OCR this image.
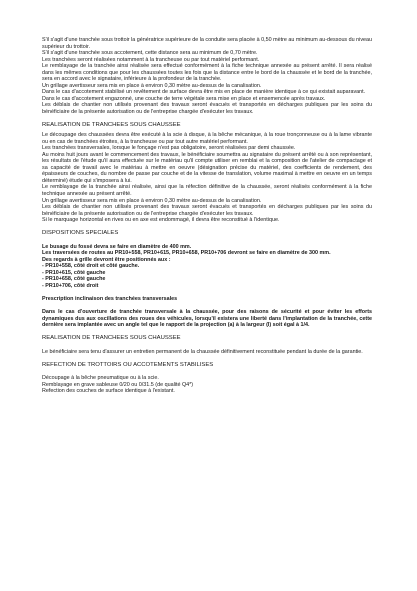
S'il s'agit d'une tranchée sous trottoir la génératrice supérieure de la conduite sera placée à 0,50 mètre au minimum au-dessous du niveau supérieur du trottoir.

S'il s'agit d'une tranchée sous accotement, cette distance sera au minimum de 0,70 mètre.

Les tranchées seront réalisées notamment à la trancheuse ou par tout matériel performant.

Le remblayage de la tranchée ainsi réalisée sera effectué conformément à la fiche technique annexée au présent arrêté. Il sera réalisé dans les mêmes conditions que pour les chaussées toutes les fois que la distance entre le bord de la chaussée et le bord de la tranchée, sera en accord avec le signataire, inférieure à la profondeur de la tranchée.

Un grillage avertisseur sera mis en place à environ 0,30 mètre au-dessus de la canalisation.

Dans le cas d'accotement stabilisé un revêtement de surface devra être mis en place de manière identique à ce qui existait auparavant.

Dans le cas d'accotement engazonné, une couche de terre végétale sera mise en place et ensemencée après travaux.

Les déblais de chantier non utilisés provenant des travaux seront évacués et transportés en décharges publiques par les soins du bénéficiaire de la présente autorisation ou de l'entreprise chargée d'exécuter les travaux.

REALISATION DE TRANCHEES SOUS CHAUSSEE

Le découpage des chaussées devra être exécuté à la scie à disque, à la bêche mécanique, à la roue tronçonneuse ou à la lame vibrante ou en cas de tranchées étroites, à la trancheuse ou par tout autre matériel performant.

Les tranchées transversales, lorsque le fonçage n'est pas obligatoire, seront réalisées par demi chaussée.

Au moins huit jours avant le commencement des travaux, le bénéficiaire soumettra au signataire du présent arrêté ou à son représentant, les résultats de l'étude qu'il aura effectuée sur le matériau qu'il compte utiliser en remblai et la composition de l'atelier de compactage et sa capacité de travail avec le matériau à mettre en oeuvre (désignation précise du matériel, des coefficients de rendement, des épaisseurs de couches, du nombre de passe par couche et de la vitesse de translation, volume maximal à mettre en oeuvre en un temps déterminé) étude qui s'imposera à lui.

Le remblayage de la tranchée ainsi réalisée, ainsi que la réfection définitive de la chaussée, seront réalisés conformément à la fiche technique annexée au présent arrêté.

Un grillage avertisseur sera mis en place à environ 0,30 mètre au-dessus de la canalisation.

Les déblais de chantier non utilisés provenant des travaux seront évacués et transportés en décharges publiques par les soins du bénéficiaire de la présente autorisation ou de l'entreprise chargée d'exécuter les travaux.

Si le marquage horizontal en rives ou en axe est endommagé, il devra être reconstitué à l'identique.

DISPOSITIONS SPECIALES

Le busage du fossé devra se faire en diamètre de 400 mm.

Les traversées de routes au PR10+558, PR10+615, PR10+658, PR10+706 devront se faire en diamètre de 300 mm.

Des regards à grille devront être positionnés aux :

- PR10+558, côté droit et côté gauche.

- PR10+615, côté gauche

- PR10+658, côté gauche

- PR10+706, côté droit

Prescription inclinaison des tranchées transversales

Dans le cas d'ouverture de tranchée transversale à la chaussée, pour des raisons de sécurité et pour éviter les efforts dynamiques dus aux oscillations des roues des véhicules, lorsqu'il existera une liberté dans l'implantation de la tranchée, cette dernière sera implantée avec un angle tel que le rapport de la projection (a) à la largeur (l) soit égal à 1/4.

REALISATION DE TRANCHEES SOUS CHAUSSEE

Le bénéficiaire sera tenu d'assurer un entretien permanent de la chaussée définitivement reconstituée pendant la durée de la garantie.

REFECTION DE TROTTOIRS OU ACCOTEMENTS STABILISES

Découpage à la bêche pneumatique ou à la scie.

Remblayage en grave sableuse 0/20 ou 0/31.5 (de qualité Q4*)

Refection des couches de surface identique à l'existant.
